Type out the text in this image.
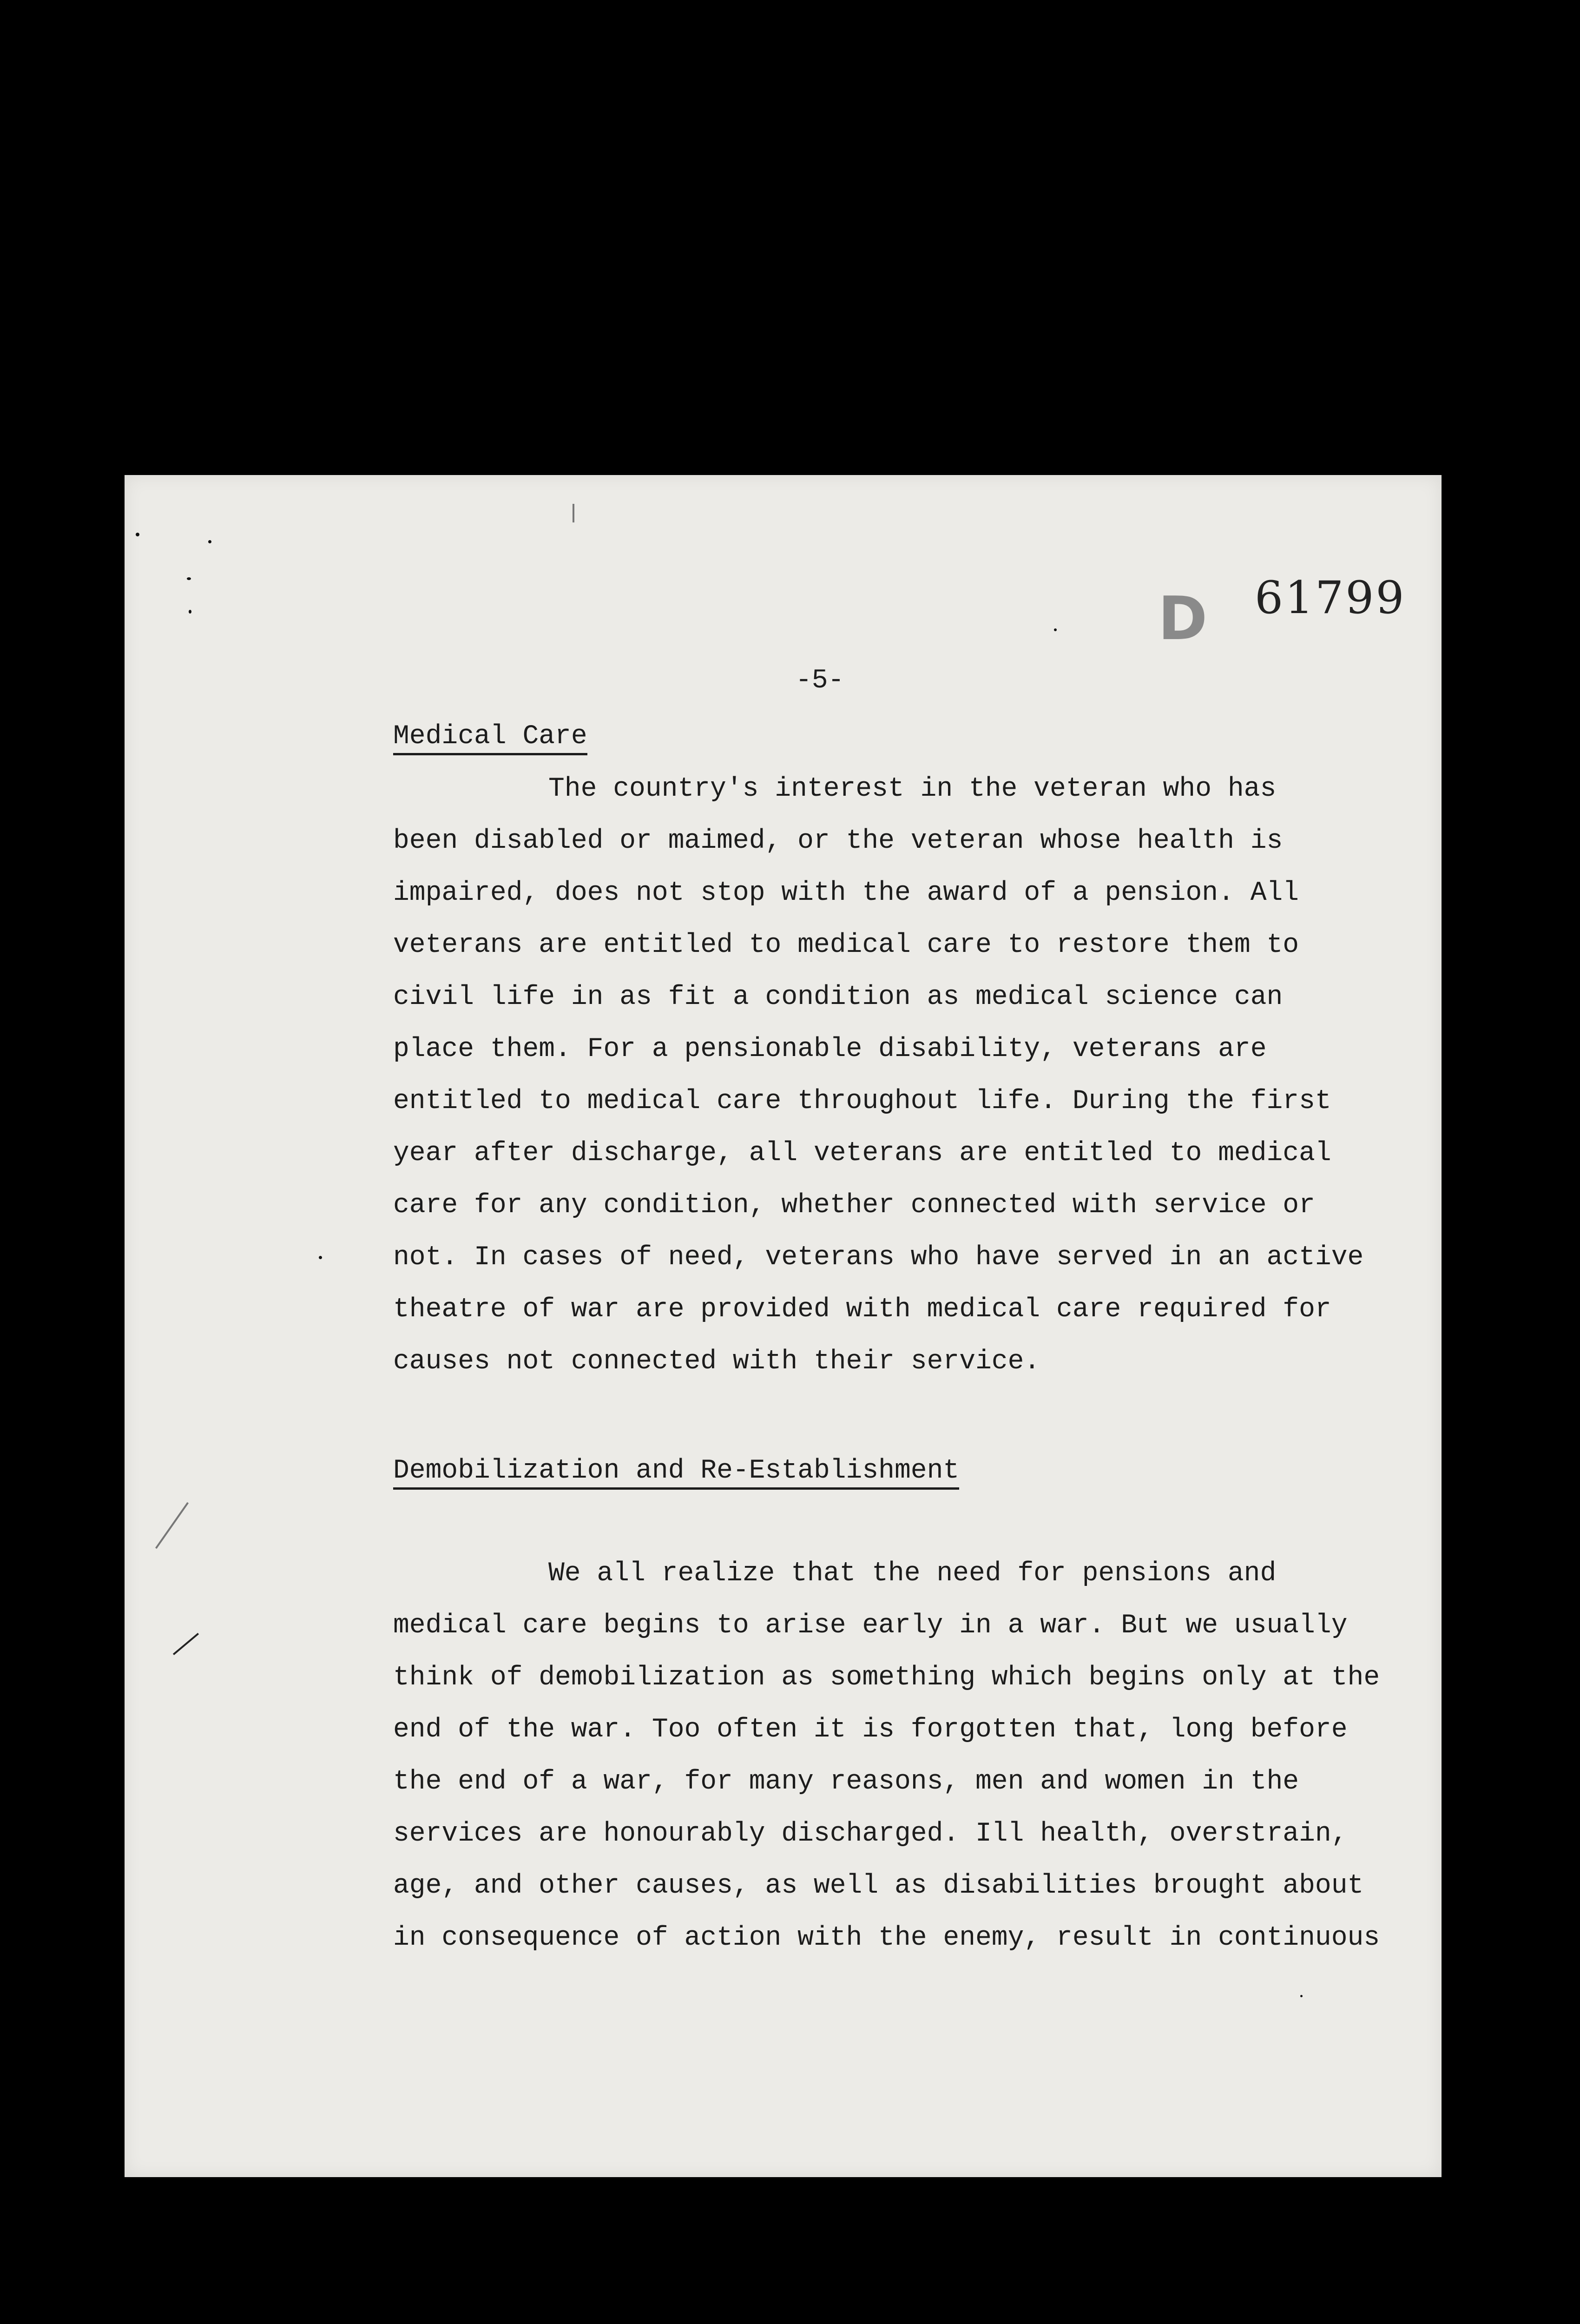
D 61799
-5-
Medical Care

The country's interest in the veteran who has
been disabled or maimed, or the veteran whose health is
impaired, does not stop with the award of a pension. All
veterans are entitled to medical care to restore them to
civil life in as fit a condition as medical science can
place them. For a pensionable disability, veterans are
entitled to medical care throughout life. During the first
year after discharge, all veterans are entitled to medical
care for any condition, whether connected with service or
not. In cases of need, veterans who have served in an active
theatre of war are provided with medical care required for
causes not connected with their service.

Demobilization and Re-Establishment

We all realize that the need for pensions and
medical care begins to arise early in a war. But we usually
think of demobilization as something which begins only at the
end of the war. Too often it is forgotten that, long before
the end of a war, for many reasons, men and women in the
services are honourably discharged. Ill health, overstrain,
age, and other causes, as well as disabilities brought about
in consequence of action with the enemy, result in continuous
